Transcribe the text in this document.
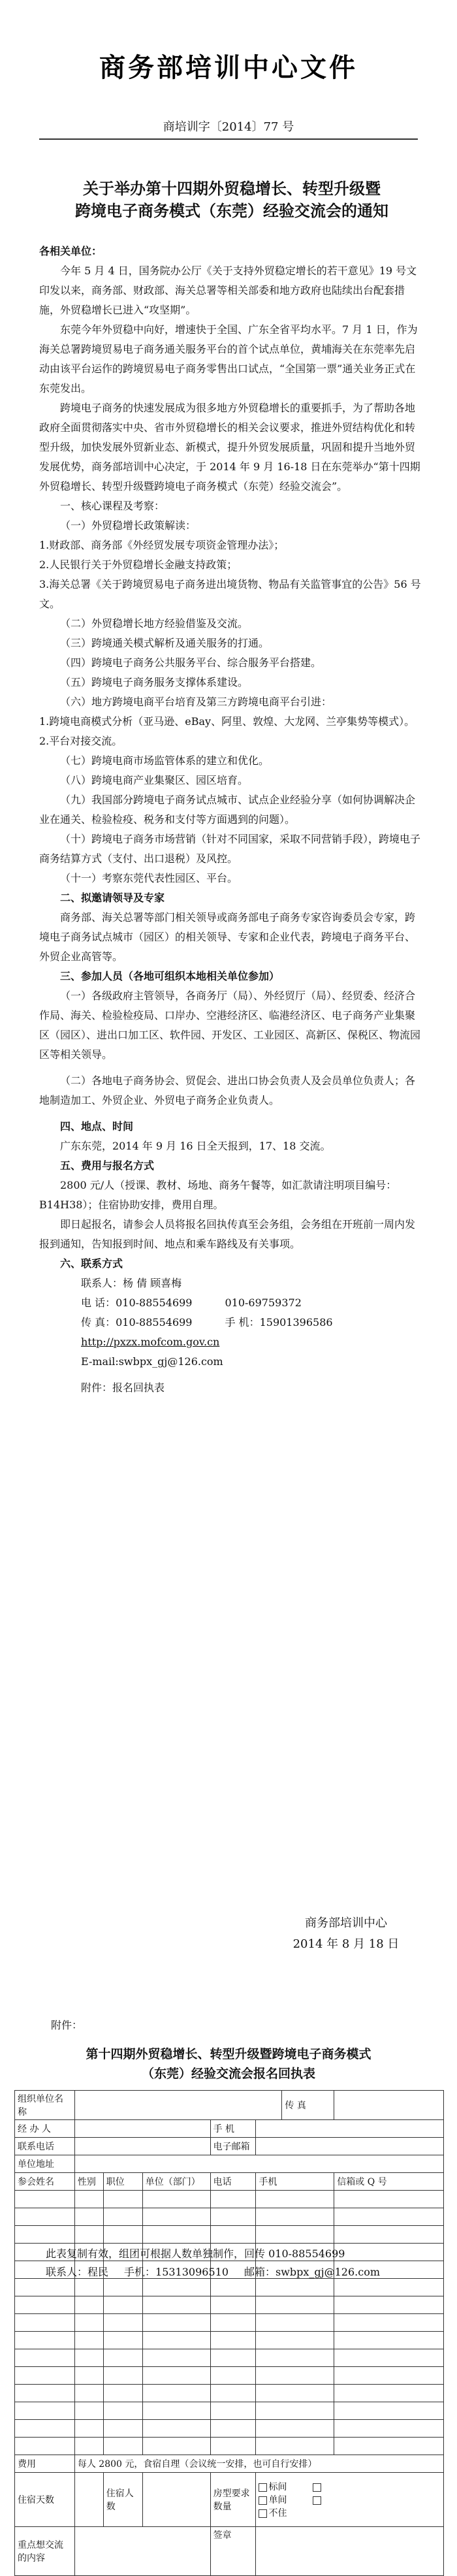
商务部培训中心文件
商培训字〔2014〕77 号
关于举办第十四期外贸稳增长、转型升级暨
跨境电子商务模式（东莞）经验交流会的通知

各相关单位：

今年 5 月 4 日，国务院办公厅《关于支持外贸稳定增长的若干意见》19 号文印发以来，商务部、财政部、海关总署等相关部委和地方政府也陆续出台配套措施，外贸稳增长已进入“攻坚期”。

东莞今年外贸稳中向好，增速快于全国、广东全省平均水平。7 月 1 日，作为海关总署跨境贸易电子商务通关服务平台的首个试点单位，黄埔海关在东莞率先启动由该平台运作的跨境贸易电子商务零售出口试点，“全国第一票”通关业务正式在东莞发出。

跨境电子商务的快速发展成为很多地方外贸稳增长的重要抓手，为了帮助各地政府全面贯彻落实中央、省市外贸稳增长的相关会议要求，推进外贸结构优化和转型升级，加快发展外贸新业态、新模式，提升外贸发展质量，巩固和提升当地外贸发展优势，商务部培训中心决定，于 2014 年 9 月 16-18 日在东莞举办“第十四期外贸稳增长、转型升级暨跨境电子商务模式（东莞）经验交流会”。

一、核心课程及考察：

（一）外贸稳增长政策解读：

1.财政部、商务部《外经贸发展专项资金管理办法》；

2.人民银行关于外贸稳增长金融支持政策；

3.海关总署《关于跨境贸易电子商务进出境货物、物品有关监管事宜的公告》56 号文。

（二）外贸稳增长地方经验借鉴及交流。

（三）跨境通关模式解析及通关服务的打通。

（四）跨境电子商务公共服务平台、综合服务平台搭建。

（五）跨境电子商务服务支撑体系建设。

（六）地方跨境电商平台培育及第三方跨境电商平台引进：

1.跨境电商模式分析（亚马逊、eBay、阿里、敦煌、大龙网、兰亭集势等模式）。

2.平台对接交流。

（七）跨境电商市场监管体系的建立和优化。

（八）跨境电商产业集聚区、园区培育。

（九）我国部分跨境电子商务试点城市、试点企业经验分享（如何协调解决企业在通关、检验检疫、税务和支付等方面遇到的问题）。

（十）跨境电子商务市场营销（针对不同国家，采取不同营销手段），跨境电子商务结算方式（支付、出口退税）及风控。

（十一）考察东莞代表性园区、平台。

二、拟邀请领导及专家

商务部、海关总署等部门相关领导或商务部电子商务专家咨询委员会专家，跨境电子商务试点城市（园区）的相关领导、专家和企业代表，跨境电子商务平台、外贸企业高管等。

三、参加人员（各地可组织本地相关单位参加）

（一）各级政府主管领导，各商务厅（局）、外经贸厅（局）、经贸委、经济合作局、海关、检验检疫局、口岸办、空港经济区、临港经济区、电子商务产业集聚区（园区）、进出口加工区、软件园、开发区、工业园区、高新区、保税区、物流园区等相关领导。

（二）各地电子商务协会、贸促会、进出口协会负责人及会员单位负责人；各地制造加工、外贸企业、外贸电子商务企业负责人。

四、地点、时间

广东东莞，2014 年 9 月 16 日全天报到，17、18 交流。

五、费用与报名方式

2800 元/人（授课、教材、场地、商务午餐等，如汇款请注明项目编号：B14H38）；住宿协助安排，费用自理。

即日起报名，请参会人员将报名回执传真至会务组，会务组在开班前一周内发报到通知，告知报到时间、地点和乘车路线及有关事项。

六、联系方式

联系人：杨 倩 顾喜梅

电 话：010-88554699	010-69759372

传 真：010-88554699	手 机：15901396586

http://pxzx.mofcom.gov.cn

E-mail:swbpx_gj@126.com

附件：报名回执表

商务部培训中心
2014 年 8 月 18 日
附件：
第十四期外贸稳增长、转型升级暨跨境电子商务模式
（东莞）经验交流会报名回执表
组织单位名称						传 真	
经 办 人				手 机			
联系电话				电子邮箱			
单位地址							
参会姓名	性别	职位	单位（部门）	电话	手机		信箱或 Q 号

费用	每人 2800 元，食宿自理（会议统一安排，也可自行安排）						
住宿天数		住宿人数		房型要求数量	标间
单间
不住		

重点想交流的内容				签章			
此表复制有效，组团可根据人数单独制作，回传 010-88554699
联系人：程民 手机：15313096510 邮箱：swbpx_gj@126.com
